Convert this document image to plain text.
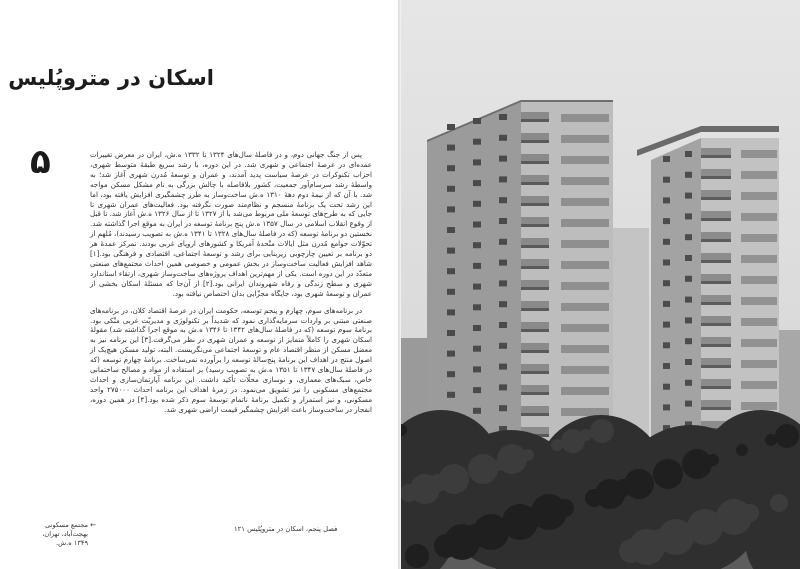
اسکان در متروپُلیس
۵	پس از جنگ جهانی دوم، و در فاصلهٔ سال‌های ۱۳۲۴ تا ۱۳۳۲ ه.ش، ایران در معرض تغییرات عمده‌ای در عرصهٔ اجتماعی و شهری شد. در این دوره، با رشد سریع طبقهٔ متوسط شهری، احزاب تکنوکرات در عرصهٔ سیاست پدید آمدند، و عمران و توسعهٔ مُدرن شهری آغاز شد؛ به واسطهٔ رشد سرسام‌آور جمعیت، کشور بلافاصله با چالش بزرگی به نام مشکل مسکن مواجه شد. با آن که از نیمهٔ دوم دههٔ ۱۳۱۰ ه.ش ساخت‌وساز به طرز چشمگیری افزایش یافته بود، اما این رشد تحت یک برنامهٔ منسجم و نظام‌مند صورت نگرفته بود. فعالیت‌های عمران شهری تا جایی که به طرح‌های توسعهٔ ملی مربوط می‌شد با از ۱۳۲۷ تا از سال ۱۳۲۶ ه.ش آغاز شد. تا قبل از وقوع انقلاب اسلامی در سال ۱۳۵۷ ه.ش پنج برنامهٔ توسعه در ایران به موقع اجرا گذاشته شد. نخستین دو برنامهٔ توسعه (که در فاصلهٔ سال‌های ۱۳۲۸ تا ۱۳۴۱ ه.ش به تصویب رسیدند)، مُلهم از تحوّلات جوامع مُدرن مثل ایالات متّحدهٔ آمریکا و کشورهای اروپای غربی بودند. تمرکز عمدهٔ هر دو برنامه بر تعیین چارچوبی زیربنایی برای رشد و توسعهٔ اجتماعی، اقتصادی و فرهنگی بود.[۱] شاهد افزایش فعالیت ساخت‌وساز در بخش عمومی و خصوصی همین احداث مجتمع‌های صنعتی متعدّد در این دوره است. یکی از مهم‌ترین اهداف پروژه‌های ساخت‌وساز شهری، ارتقاء استاندارد شهری و سطح زندگی و رفاه شهروندان ایرانی بود.[۲] از آن‌جا که مسئلهٔ اسکان بخشی از عمران و توسعهٔ شهری بود، جایگاه مجزّایی بدان اختصاص نیافته بود.

در برنامه‌های سوم، چهارم و پنجم توسعه، حکومت ایران در عرصهٔ اقتصاد کلان، در برنامه‌های صنعتی مبتنی بر واردات سرمایه‌گذاری نمود که شدیداً بر تکنولوژی و مدیریّت غربی متّکی بود. برنامهٔ سوم توسعه (که در فاصلهٔ سال‌های ۱۳۴۲ تا ۱۳۴۶ ه.ش به موقع اجرا گذاشته شد) مقولهٔ اسکان شهری را کاملاً متمایز از توسعه و عمران شهری در نظر می‌گرفت.[۳] این برنامه نیز به معضل مسکن از منظر اقتصاد عام و توسعهٔ اجتماعی می‌نگریست. البته، تولید مسکن هیچ‌یک از اصول منتج در اهداف این برنامهٔ پنج‌سالهٔ توسعه را برآورده نمی‌ساخت. برنامهٔ چهارم توسعه (که در فاصلهٔ سال‌های ۱۳۴۷ تا ۱۳۵۱ ه.ش به تصویب رسید) بر استفاده از مواد و مصالح ساختمانی خاص، سبک‌های معماری، و نوسازی محلّات تأکید داشت. این برنامه آپارتمان‌سازی و احداث مجتمع‌های مسکونی را نیز تشویق می‌نمود. در زمرهٔ اهداف این برنامه احداث ۲۷۵۰۰۰ واحد مسکونی، و نیز استمرار و تکمیل برنامهٔ ناتمام توسعهٔ سوم ذکر شده بود.[۴] در همین دوره، انفجار در ساخت‌وساز باعث افزایش چشمگیر قیمت اراضی شهری شد.

←
مجتمع مسکونی
بهجت‌آباد، تهران،
۱۳۴۹ ه.ش.
فصل پنجم، اسکان در متروپُلیس ۱۲۱
